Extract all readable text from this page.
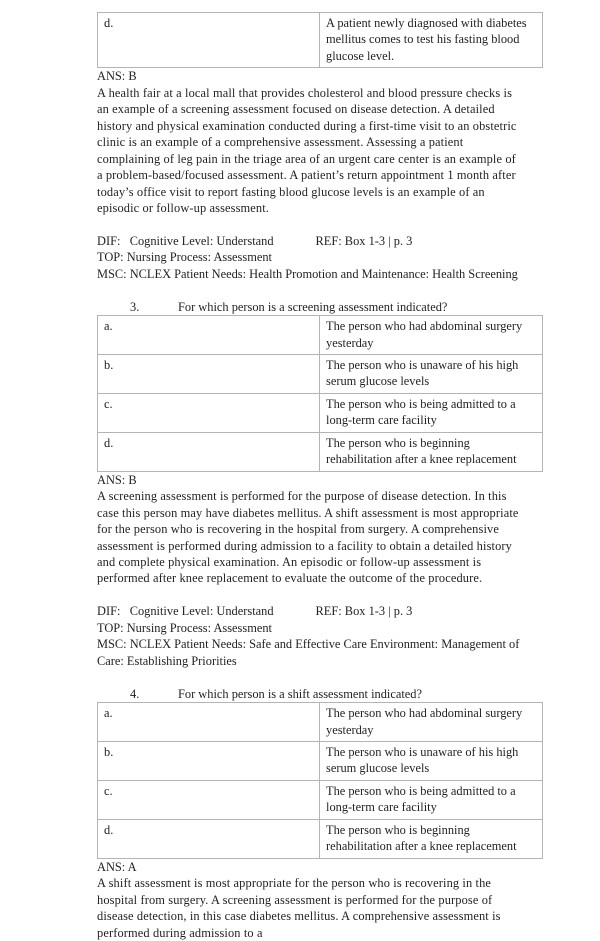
d.	A patient newly diagnosed with diabetes mellitus comes to test his fasting blood glucose level.
ANS: B

A health fair at a local mall that provides cholesterol and blood pressure checks is an example of a screening assessment focused on disease detection. A detailed history and physical examination conducted during a first-time visit to an obstetric clinic is an example of a comprehensive assessment. Assessing a patient complaining of leg pain in the triage area of an urgent care center is an example of a problem-based/focused assessment. A patient’s return appointment 1 month after today’s office visit to report fasting blood glucose levels is an example of an episodic or follow-up assessment.

DIF:   Cognitive Level: Understand	REF: Box 1-3 | p. 3
TOP: Nursing Process: Assessment
MSC: NCLEX Patient Needs: Health Promotion and Maintenance: Health Screening
3.	For which person is a screening assessment indicated?
a.	The person who had abdominal surgery yesterday
b.	The person who is unaware of his high serum glucose levels
c.	The person who is being admitted to a long-term care facility
d.	The person who is beginning rehabilitation after a knee replacement
ANS: B

A screening assessment is performed for the purpose of disease detection. In this case this person may have diabetes mellitus. A shift assessment is most appropriate for the person who is recovering in the hospital from surgery. A comprehensive assessment is performed during admission to a facility to obtain a detailed history and complete physical examination. An episodic or follow-up assessment is performed after knee replacement to evaluate the outcome of the procedure.

DIF:   Cognitive Level: Understand	REF: Box 1-3 | p. 3
TOP: Nursing Process: Assessment
MSC: NCLEX Patient Needs: Safe and Effective Care Environment: Management of Care: Establishing Priorities
4.	For which person is a shift assessment indicated?
a.	The person who had abdominal surgery yesterday
b.	The person who is unaware of his high serum glucose levels
c.	The person who is being admitted to a long-term care facility
d.	The person who is beginning rehabilitation after a knee replacement
ANS: A

A shift assessment is most appropriate for the person who is recovering in the hospital from surgery. A screening assessment is performed for the purpose of disease detection, in this case diabetes mellitus. A comprehensive assessment is performed during admission to a
